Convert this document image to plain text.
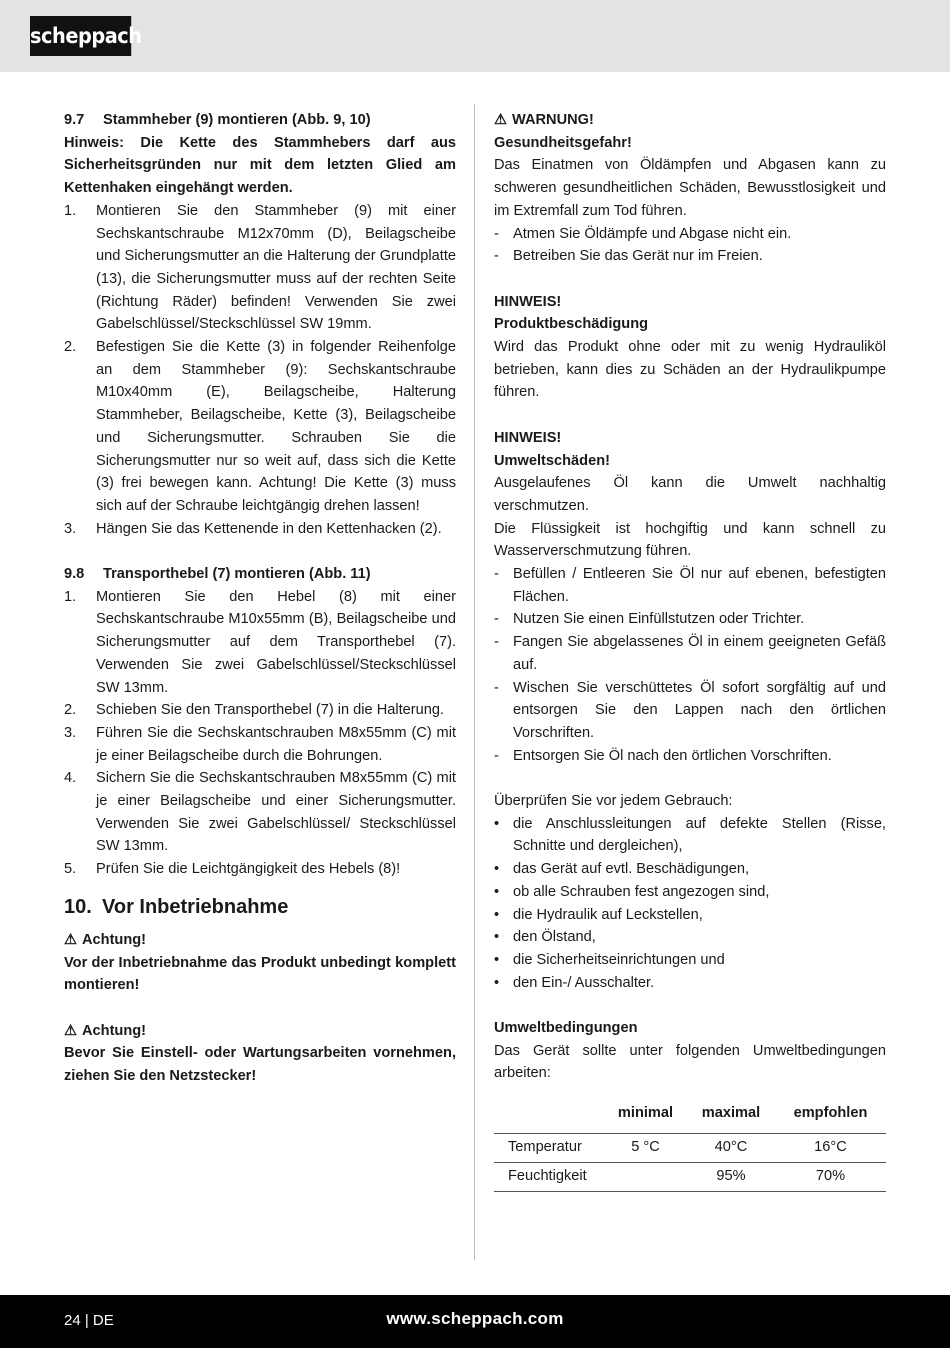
scheppach
9.7 Stammheber (9) montieren (Abb. 9, 10)
Hinweis: Die Kette des Stammhebers darf aus Sicherheitsgründen nur mit dem letzten Glied am Kettenhaken eingehängt werden.
1.	Montieren Sie den Stammheber (9) mit einer Sechskantschraube M12x70mm (D), Beilagscheibe und Sicherungsmutter an die Halterung der Grundplatte (13), die Sicherungsmutter muss auf der rechten Seite (Richtung Räder) befinden! Verwenden Sie zwei Gabelschlüssel/Steckschlüssel SW 19mm.
2.	Befestigen Sie die Kette (3) in folgender Reihenfolge an dem Stammheber (9): Sechskantschraube M10x40mm (E), Beilagscheibe, Halterung Stammheber, Beilagscheibe, Kette (3), Beilagscheibe und Sicherungsmutter. Schrauben Sie die Sicherungsmutter nur so weit auf, dass sich die Kette (3) frei bewegen kann. Achtung! Die Kette (3) muss sich auf der Schraube leichtgängig drehen lassen!
3.	Hängen Sie das Kettenende in den Kettenhacken (2).
9.8 Transporthebel (7) montieren (Abb. 11)
1.	Montieren Sie den Hebel (8) mit einer Sechskantschraube M10x55mm (B), Beilagscheibe und Sicherungsmutter auf dem Transporthebel (7). Verwenden Sie zwei Gabelschlüssel/Steckschlüssel SW 13mm.
2.	Schieben Sie den Transporthebel (7) in die Halterung.
3.	Führen Sie die Sechskantschrauben M8x55mm (C) mit je einer Beilagscheibe durch die Bohrungen.
4.	Sichern Sie die Sechskantschrauben M8x55mm (C) mit je einer Beilagscheibe und einer Sicherungsmutter. Verwenden Sie zwei Gabelschlüssel/ Steckschlüssel SW 13mm.
5.	Prüfen Sie die Leichtgängigkeit des Hebels (8)!
10. Vor Inbetriebnahme
⚠ Achtung!
Vor der Inbetriebnahme das Produkt unbedingt komplett montieren!
⚠ Achtung!
Bevor Sie Einstell- oder Wartungsarbeiten vornehmen, ziehen Sie den Netzstecker!
⚠ WARNUNG!
Gesundheitsgefahr!
Das Einatmen von Öldämpfen und Abgasen kann zu schweren gesundheitlichen Schäden, Bewusstlosigkeit und im Extremfall zum Tod führen.
- Atmen Sie Öldämpfe und Abgase nicht ein.
- Betreiben Sie das Gerät nur im Freien.
HINWEIS!
Produktbeschädigung
Wird das Produkt ohne oder mit zu wenig Hydrauliköl betrieben, kann dies zu Schäden an der Hydraulikpumpe führen.
HINWEIS!
Umweltschäden!
Ausgelaufenes Öl kann die Umwelt nachhaltig verschmutzen.
Die Flüssigkeit ist hochgiftig und kann schnell zu Wasserverschmutzung führen.
- Befüllen / Entleeren Sie Öl nur auf ebenen, befestigten Flächen.
- Nutzen Sie einen Einfüllstutzen oder Trichter.
- Fangen Sie abgelassenes Öl in einem geeigneten Gefäß auf.
- Wischen Sie verschüttetes Öl sofort sorgfältig auf und entsorgen Sie den Lappen nach den örtlichen Vorschriften.
- Entsorgen Sie Öl nach den örtlichen Vorschriften.
Überprüfen Sie vor jedem Gebrauch:
• die Anschlussleitungen auf defekte Stellen (Risse, Schnitte und dergleichen),
• das Gerät auf evtl. Beschädigungen,
• ob alle Schrauben fest angezogen sind,
• die Hydraulik auf Leckstellen,
• den Ölstand,
• die Sicherheitseinrichtungen und
• den Ein-/ Ausschalter.
Umweltbedingungen
Das Gerät sollte unter folgenden Umweltbedingungen arbeiten:
	minimal	maximal	empfohlen
Temperatur	5 °C	40°C	16°C
Feuchtigkeit		95%	70%
24 | DE	www.scheppach.com
